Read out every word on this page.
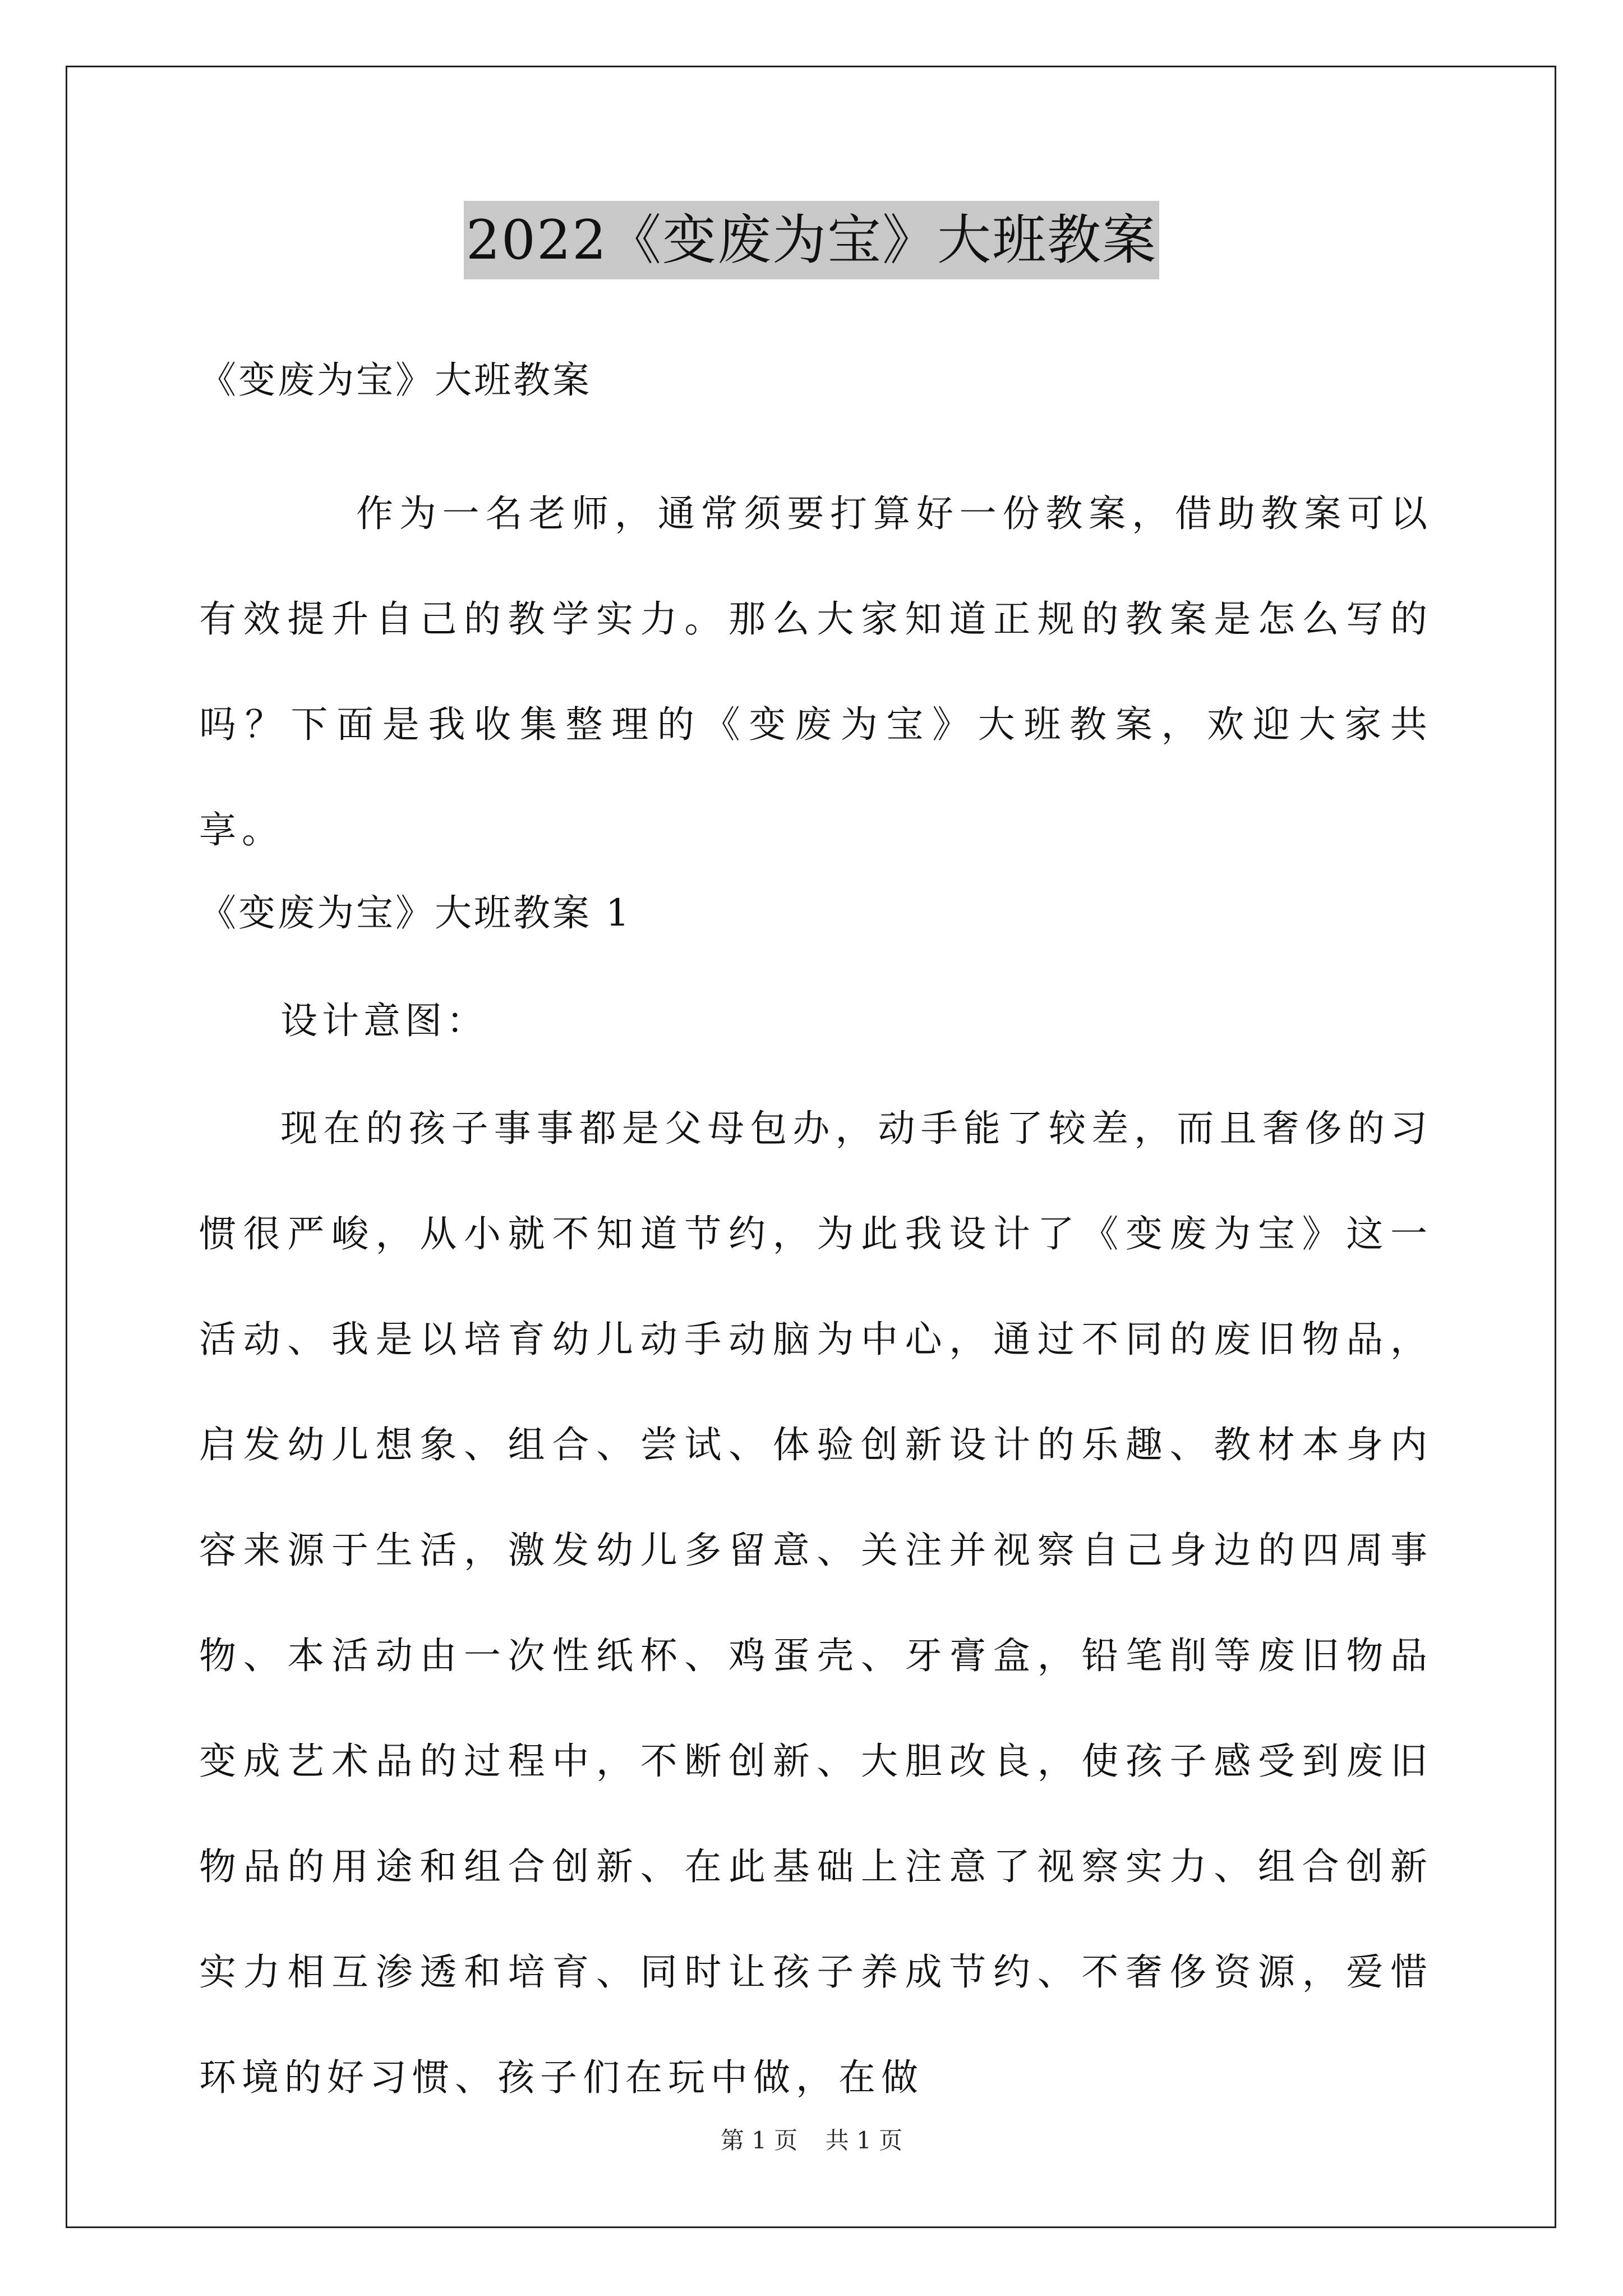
2022《变废为宝》大班教案
《变废为宝》大班教案

作为一名老师，通常须要打算好一份教案，借助教案可以有效提升自己的教学实力。那么大家知道正规的教案是怎么写的吗？下面是我收集整理的《变废为宝》大班教案，欢迎大家共享。

《变废为宝》大班教案 1
设计意图：

现在的孩子事事都是父母包办，动手能了较差，而且奢侈的习惯很严峻，从小就不知道节约，为此我设计了《变废为宝》这一活动、我是以培育幼儿动手动脑为中心，通过不同的废旧物品，启发幼儿想象、组合、尝试、体验创新设计的乐趣、教材本身内容来源于生活，激发幼儿多留意、关注并视察自己身边的四周事物、本活动由一次性纸杯、鸡蛋壳、牙膏盒，铅笔削等废旧物品变成艺术品的过程中，不断创新、大胆改良，使孩子感受到废旧物品的用途和组合创新、在此基础上注意了视察实力、组合创新实力相互渗透和培育、同时让孩子养成节约、不奢侈资源，爱惜环境的好习惯、孩子们在玩中做，在做

第 1 页 共 1 页
